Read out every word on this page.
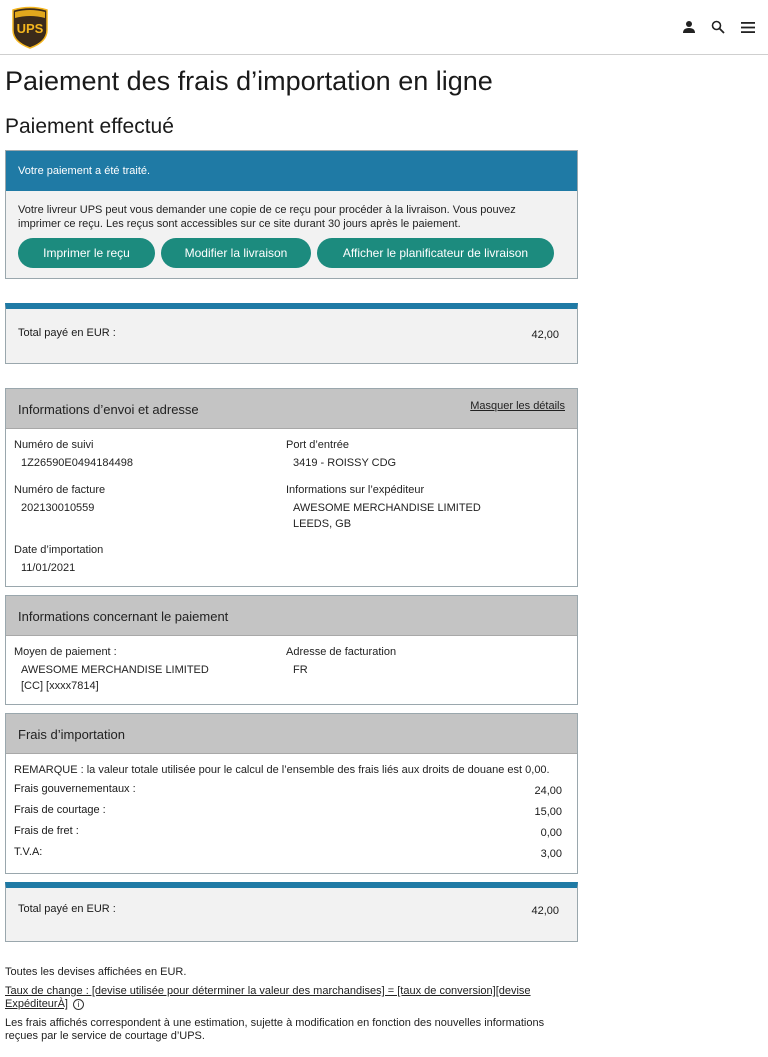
UPS
Paiement des frais d’importation en ligne
Paiement effectué
Votre paiement a été traité.
Votre livreur UPS peut vous demander une copie de ce reçu pour procéder à la livraison. Vous pouvez
imprimer ce reçu. Les reçus sont accessibles sur ce site durant 30 jours après le paiement.
Imprimer le reçu	Modifier la livraison	Afficher le planificateur de livraison
Total payé en EUR :	42,00
Informations d’envoi et adresse	Masquer les détails
Numéro de suivi
1Z26590E0494184498
Port d’entrée
3419 - ROISSY CDG
Numéro de facture
202130010559
Informations sur l’expéditeur
AWESOME MERCHANDISE LIMITED
LEEDS, GB
Date d’importation
11/01/2021
Informations concernant le paiement
Moyen de paiement :
AWESOME MERCHANDISE LIMITED
[CC] [xxxx7814]
Adresse de facturation
FR
Frais d’importation
REMARQUE : la valeur totale utilisée pour le calcul de l’ensemble des frais liés aux droits de douane est 0,00.
Frais gouvernementaux :	24,00
Frais de courtage :	15,00
Frais de fret :	0,00
T.V.A:	3,00
Total payé en EUR :	42,00
Toutes les devises affichées en EUR.
Taux de change : [devise utilisée pour déterminer la valeur des marchandises] = [taux de conversion][devise
ExpéditeurÀ] i
Les frais affichés correspondent à une estimation, sujette à modification en fonction des nouvelles informations
reçues par le service de courtage d’UPS.
